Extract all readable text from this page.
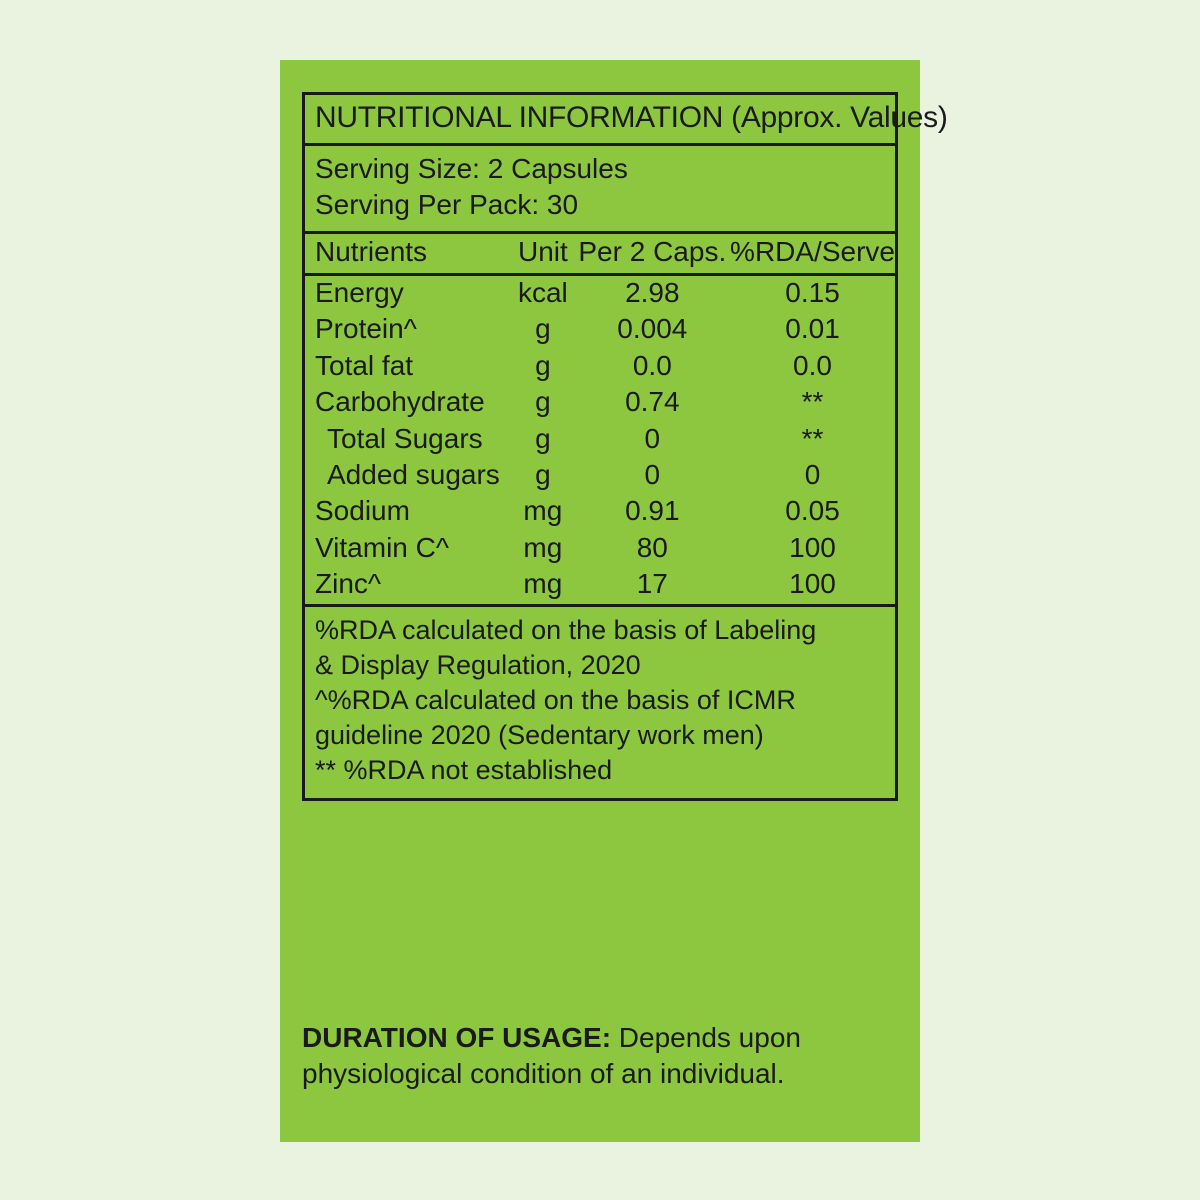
NUTRITIONAL INFORMATION (Approx. Values)
Serving Size: 2 Capsules
Serving Per Pack: 30
Nutrients	Unit	Per 2 Caps.	%RDA/Serve
Energy	kcal	2.98	0.15
Protein^	g	0.004	0.01
Total fat	g	0.0	0.0
Carbohydrate	g	0.74	**
Total Sugars	g	0	**
Added sugars	g	0	0
Sodium	mg	0.91	0.05
Vitamin C^	mg	80	100
Zinc^	mg	17	100
%RDA calculated on the basis of Labeling
& Display Regulation, 2020
^%RDA calculated on the basis of ICMR
guideline 2020 (Sedentary work men)
** %RDA not established
DURATION OF USAGE: Depends upon
physiological condition of an individual.
